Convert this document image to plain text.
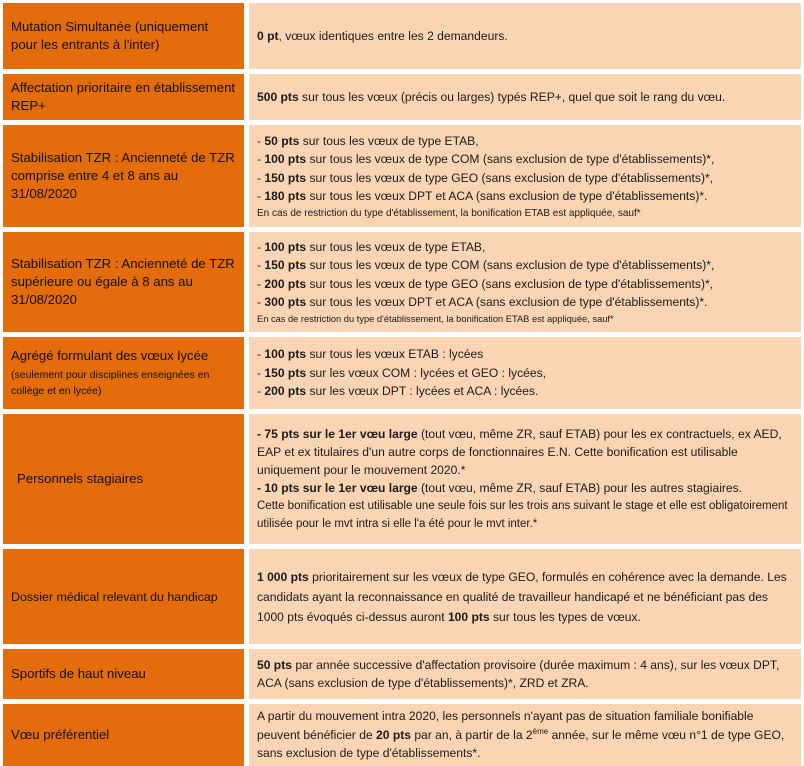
Mutation Simultanée (uniquement pour les entrants à l'inter)
0 pt, vœux identiques entre les 2 demandeurs.
Affectation prioritaire en établissement REP+
500 pts sur tous les vœux (précis ou larges) typés REP+, quel que soit le rang du vœu.
Stabilisation TZR : Ancienneté de TZR comprise entre 4 et 8 ans au 31/08/2020
- 50 pts sur tous les vœux de type ETAB,
- 100 pts sur tous les vœux de type COM (sans exclusion de type d'établissements)*,
- 150 pts sur tous les vœux de type GEO (sans exclusion de type d'établissements)*,
- 180 pts sur tous les vœux DPT et ACA (sans exclusion de type d'établissements)*.
En cas de restriction du type d'établissement, la bonification ETAB est appliquée, sauf*
Stabilisation TZR : Ancienneté de TZR supérieure ou égale à 8 ans au 31/08/2020
- 100 pts sur tous les vœux de type ETAB,
- 150 pts sur tous les vœux de type COM (sans exclusion de type d'établissements)*,
- 200 pts sur tous les vœux de type GEO (sans exclusion de type d'établissements)*,
- 300 pts sur tous les vœux DPT et ACA (sans exclusion de type d'établissements)*.
En cas de restriction du type d'établissement, la bonification ETAB est appliquée, sauf*
Agrégé formulant des vœux lycée
(seulement pour disciplines enseignées en collège et en lycée)
- 100 pts sur tous les vœux ETAB : lycées
- 150 pts sur les vœux COM : lycées et GEO : lycées,
- 200 pts sur les vœux DPT : lycées et ACA : lycées.
Personnels stagiaires
- 75 pts sur le 1er vœu large (tout vœu, même ZR, sauf ETAB) pour les ex contractuels, ex AED, EAP et ex titulaires d'un autre corps de fonctionnaires E.N. Cette bonification est utilisable uniquement pour le mouvement 2020.*
- 10 pts sur le 1er vœu large (tout vœu, même ZR, sauf ETAB) pour les autres stagiaires.
Cette bonification est utilisable une seule fois sur les trois ans suivant le stage et elle est obligatoirement utilisée pour le mvt intra si elle l'a été pour le mvt inter.*
Dossier médical relevant du handicap
1 000 pts prioritairement sur les vœux de type GEO, formulés en cohérence avec la demande. Les candidats ayant la reconnaissance en qualité de travailleur handicapé et ne bénéficiant pas des 1000 pts évoqués ci-dessus auront 100 pts sur tous les types de vœux.
Sportifs de haut niveau
50 pts par année successive d'affectation provisoire (durée maximum : 4 ans), sur les vœux DPT, ACA (sans exclusion de type d'établissements)*, ZRD et ZRA.
Vœu préférentiel
A partir du mouvement intra 2020, les personnels n'ayant pas de situation familiale bonifiable peuvent bénéficier de 20 pts par an, à partir de la 2ème année, sur le même vœu n°1 de type GEO, sans exclusion de type d'établissements*.
